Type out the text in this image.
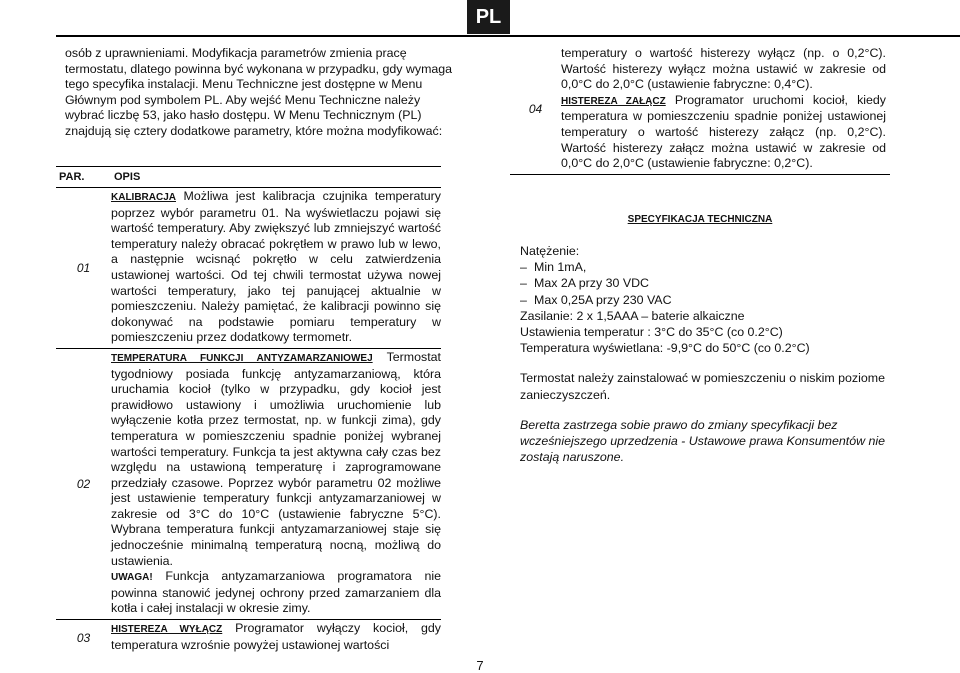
PL

osób z uprawnieniami. Modyfikacja parametrów zmienia pracę termostatu, dlatego powinna być wykonana w przypadku, gdy wymaga tego specyfika instalacji. Menu Techniczne jest dostępne w Menu Głównym pod symbolem PL. Aby wejść Menu Techniczne należy wybrać liczbę 53, jako hasło dostępu. W Menu Technicznym (PL) znajdują się cztery dodatkowe parametry, które można modyfikować:

PAR.	OPIS
01

KALIBRACJA Możliwa jest kalibracja czujnika temperatury poprzez wybór parametru 01. Na wyświetlaczu pojawi się wartość temperatury. Aby zwiększyć lub zmniejszyć wartość temperatury należy obracać pokrętłem w prawo lub w lewo, a następnie wcisnąć pokrętło w celu zatwierdzenia ustawionej wartości. Od tej chwili termostat używa nowej wartości temperatury, jako tej panującej aktualnie w pomieszczeniu. Należy pamiętać, że kalibracji powinno się dokonywać na podstawie pomiaru temperatury w pomieszczeniu przez dodatkowy termometr.

02

TEMPERATURA FUNKCJI ANTYZAMARZANIOWEJ Termostat tygodniowy posiada funkcję antyzamarzaniową, która uruchamia kocioł (tylko w przypadku, gdy kocioł jest prawidłowo ustawiony i umożliwia uruchomienie lub wyłączenie kotła przez termostat, np. w funkcji zima), gdy temperatura w pomieszczeniu spadnie poniżej wybranej wartości temperatury. Funkcja ta jest aktywna cały czas bez względu na ustawioną temperaturę i zaprogramowane przedziały czasowe. Poprzez wybór parametru 02 możliwe jest ustawienie temperatury funkcji antyzamarzaniowej w zakresie od 3°C do 10°C (ustawienie fabryczne 5°C). Wybrana temperatura funkcji antyzamarzaniowej staje się jednocześnie minimalną temperaturą nocną, możliwą do ustawienia.

UWAGA! Funkcja antyzamarzaniowa programatora nie powinna stanowić jedynej ochrony przed zamarzaniem dla kotła i całej instalacji w okresie zimy.

03

HISTEREZA WYŁĄCZ Programator wyłączy kocioł, gdy temperatura wzrośnie powyżej ustawionej wartości

04

temperatury o wartość histerezy wyłącz (np. o 0,2°C). Wartość histerezy wyłącz można ustawić w zakresie od 0,0°C do 2,0°C (ustawienie fabryczne: 0,4°C).

HISTEREZA ZAŁĄCZ Programator uruchomi kocioł, kiedy temperatura w pomieszczeniu spadnie poniżej ustawionej temperatury o wartość histerezy załącz (np. 0,2°C). Wartość histerezy załącz można ustawić w zakresie od 0,0°C do 2,0°C (ustawienie fabryczne: 0,2°C).

SPECYFIKACJA TECHNICZNA

Natężenie:

– Min 1mA,

– Max 2A przy 30 VDC

– Max 0,25A przy 230 VAC

Zasilanie: 2 x 1,5AAA – baterie alkaiczne

Ustawienia temperatur : 3°C do 35°C (co 0.2°C)

Temperatura wyświetlana: -9,9°C do 50°C (co 0.2°C)

Termostat należy zainstalować w pomieszczeniu o niskim poziome zanieczyszczeń.

Beretta zastrzega sobie prawo do zmiany specyfikacji bez wcześniejszego uprzedzenia - Ustawowe prawa Konsumentów nie zostają naruszone.

7
